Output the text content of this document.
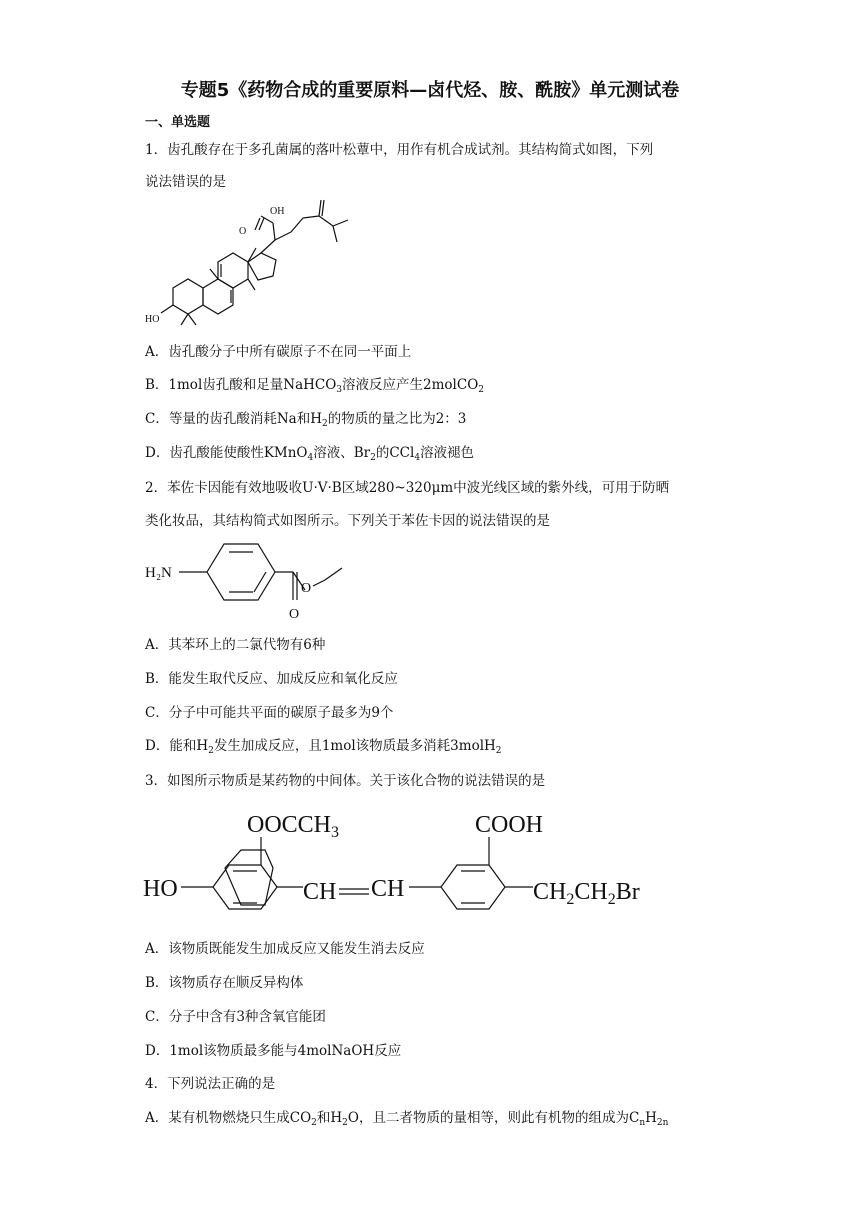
专题5《药物合成的重要原料—卤代烃、胺、酰胺》单元测试卷
一、单选题
1．齿孔酸存在于多孔菌属的落叶松蕈中，用作有机合成试剂。其结构简式如图，下列
说法错误的是
OH
O
HO
A．齿孔酸分子中所有碳原子不在同一平面上
B．1mol齿孔酸和足量NaHCO$_3$溶液反应产生2molCO$_2$
C．等量的齿孔酸消耗Na和$H_2$的物质的量之比为2：3
D．齿孔酸能使酸性KMnO$_4$溶液、$Br_2$的CCl$_4$溶液褪色
2．苯佐卡因能有效地吸收U·V·B区域280~320μm中波光线区域的紫外线，可用于防晒
类化妆品，其结构简式如图所示。下列关于苯佐卡因的说法错误的是
H₂N
O
O
A．其苯环上的二氯代物有6种
B．能发生取代反应、加成反应和氧化反应
C．分子中可能共平面的碳原子最多为9个
D．能和$H_2$发生加成反应，且1mol该物质最多消耗3molH$_2$
3．如图所示物质是某药物的中间体。关于该化合物的说法错误的是
$OOCCH_3$	COOH
HO	CH CH	$CH_2CH_2Br$
A．该物质既能发生加成反应又能发生消去反应
B．该物质存在顺反异构体
C．分子中含有3种含氧官能团
D．1mol该物质最多能与4molNaOH反应
4．下列说法正确的是
A．某有机物燃烧只生成$CO_2$和$H_2O$，且二者物质的量相等，则此有机物的组成为$C_nH_{2n}$
